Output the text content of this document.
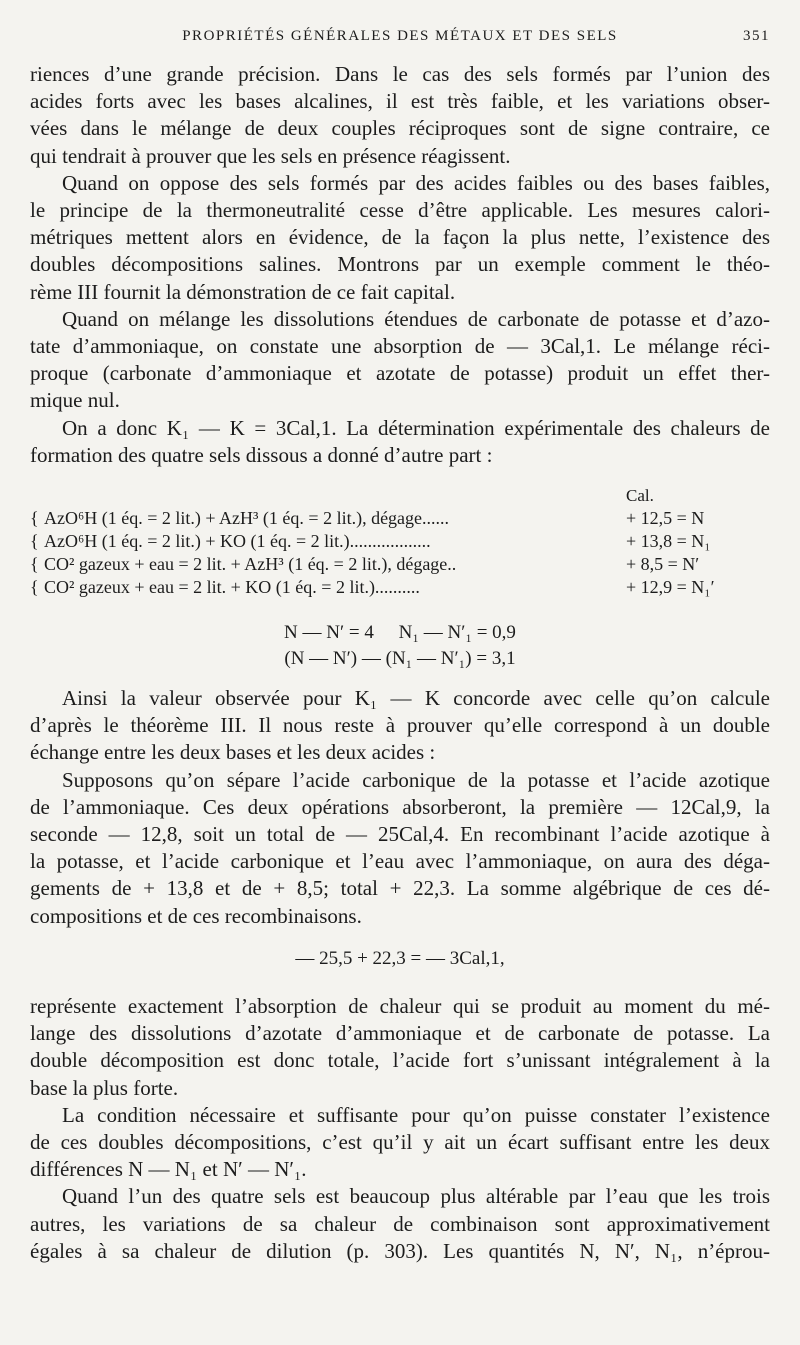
PROPRIÉTÉS GÉNÉRALES DES MÉTAUX ET DES SELS	351

riences d’une grande précision. Dans le cas des sels formés par l’union des

acides forts avec les bases alcalines, il est très faible, et les variations obser-

vées dans le mélange de deux couples réciproques sont de signe contraire, ce

qui tendrait à prouver que les sels en présence réagissent.

Quand on oppose des sels formés par des acides faibles ou des bases faibles,

le principe de la thermoneutralité cesse d’être applicable. Les mesures calori-

métriques mettent alors en évidence, de la façon la plus nette, l’existence des

doubles décompositions salines. Montrons par un exemple comment le théo-

rème III fournit la démonstration de ce fait capital.

Quand on mélange les dissolutions étendues de carbonate de potasse et d’azo-

tate d’ammoniaque, on constate une absorption de — 3Cal,1. Le mélange réci-

proque (carbonate d’ammoniaque et azotate de potasse) produit un effet ther-

mique nul.

On a donc K₁ — K = 3Cal,1. La détermination expérimentale des chaleurs de

formation des quatre sels dissous a donné d’autre part :

Cal.
{ AzO⁶H (1 éq. = 2 lit.) + AzH³ (1 éq. = 2 lit.), dégage......	+ 12,5 = N
{ AzO⁶H (1 éq. = 2 lit.) + KO (1 éq. = 2 lit.)..................	+ 13,8 = N₁
{ CO² gazeux + eau = 2 lit. + AzH³ (1 éq. = 2 lit.), dégage..	+ 8,5 = N′
{ CO² gazeux + eau = 2 lit. + KO (1 éq. = 2 lit.)..........	+ 12,9 = N₁′
N — N′ = 4 N₁ — N′₁ = 0,9
(N — N′) — (N₁ — N′₁) = 3,1

Ainsi la valeur observée pour K₁ — K concorde avec celle qu’on calcule

d’après le théorème III. Il nous reste à prouver qu’elle correspond à un double

échange entre les deux bases et les deux acides :

Supposons qu’on sépare l’acide carbonique de la potasse et l’acide azotique

de l’ammoniaque. Ces deux opérations absorberont, la première — 12Cal,9, la

seconde — 12,8, soit un total de — 25Cal,4. En recombinant l’acide azotique à

la potasse, et l’acide carbonique et l’eau avec l’ammoniaque, on aura des déga-

gements de + 13,8 et de + 8,5; total + 22,3. La somme algébrique de ces dé-

compositions et de ces recombinaisons.

— 25,5 + 22,3 = — 3Cal,1,

représente exactement l’absorption de chaleur qui se produit au moment du mé-

lange des dissolutions d’azotate d’ammoniaque et de carbonate de potasse. La

double décomposition est donc totale, l’acide fort s’unissant intégralement à la

base la plus forte.

La condition nécessaire et suffisante pour qu’on puisse constater l’existence

de ces doubles décompositions, c’est qu’il y ait un écart suffisant entre les deux

différences N — N₁ et N′ — N′₁.

Quand l’un des quatre sels est beaucoup plus altérable par l’eau que les trois

autres, les variations de sa chaleur de combinaison sont approximativement

égales à sa chaleur de dilution (p. 303). Les quantités N, N′, N₁, n’éprou-
